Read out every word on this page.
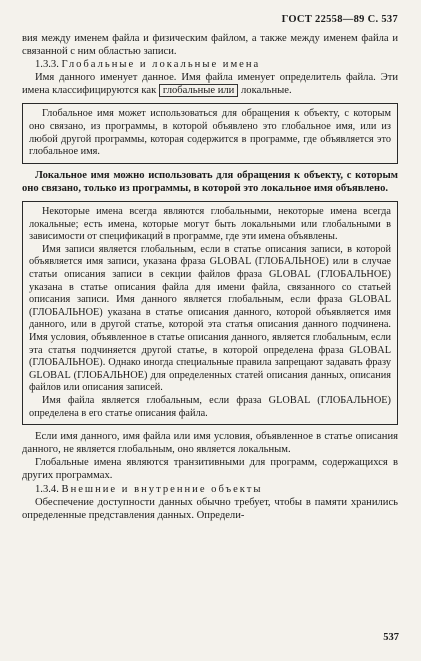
ГОСТ 22558—89 С. 537

вия между именем файла и физическим файлом, а также между именем файла и связанной с ним областью записи.

1.3.3. Глобальные и локальные имена

Имя данного именует данное. Имя файла именует определитель файла. Эти имена классифицируются как глобальные или локальные.

Глобальное имя может использоваться для обращения к объекту, с которым оно связано, из программы, в которой объявлено это глобальное имя, или из любой другой программы, которая содержится в программе, где объявляется это глобальное имя.

Локальное имя можно использовать для обращения к объекту, с которым оно связано, только из программы, в которой это локальное имя объявлено.

Некоторые имена всегда являются глобальными, некоторые имена всегда локальные; есть имена, которые могут быть локальными или глобальными в зависимости от спецификаций в программе, где эти имена объявлены.

Имя записи является глобальным, если в статье описания записи, в которой объявляется имя записи, указана фраза GLOBAL (ГЛОБАЛЬНОЕ) или в случае статьи описания записи в секции файлов фраза GLOBAL (ГЛОБАЛЬНОЕ) указана в статье описания файла для имени файла, связанного со статьей описания записи. Имя данного является глобальным, если фраза GLOBAL (ГЛОБАЛЬНОЕ) указана в статье описания данного, которой объявляется имя данного, или в другой статье, которой эта статья описания данного подчинена. Имя условия, объявленное в статье описания данного, является глобальным, если эта статья подчиняется другой статье, в которой определена фраза GLOBAL (ГЛОБАЛЬНОЕ). Однако иногда специальные правила запрещают задавать фразу GLOBAL (ГЛОБАЛЬНОЕ) для определенных статей описания данных, описания файлов или описания записей.

Имя файла является глобальным, если фраза GLOBAL (ГЛОБАЛЬНОЕ) определена в его статье описания файла.

Если имя данного, имя файла или имя условия, объявленное в статье описания данного, не является глобальным, оно является локальным.

Глобальные имена являются транзитивными для программ, содержащихся в других программах.

1.3.4. Внешние и внутренние объекты

Обеспечение доступности данных обычно требует, чтобы в памяти хранились определенные представления данных. Определи-

537
